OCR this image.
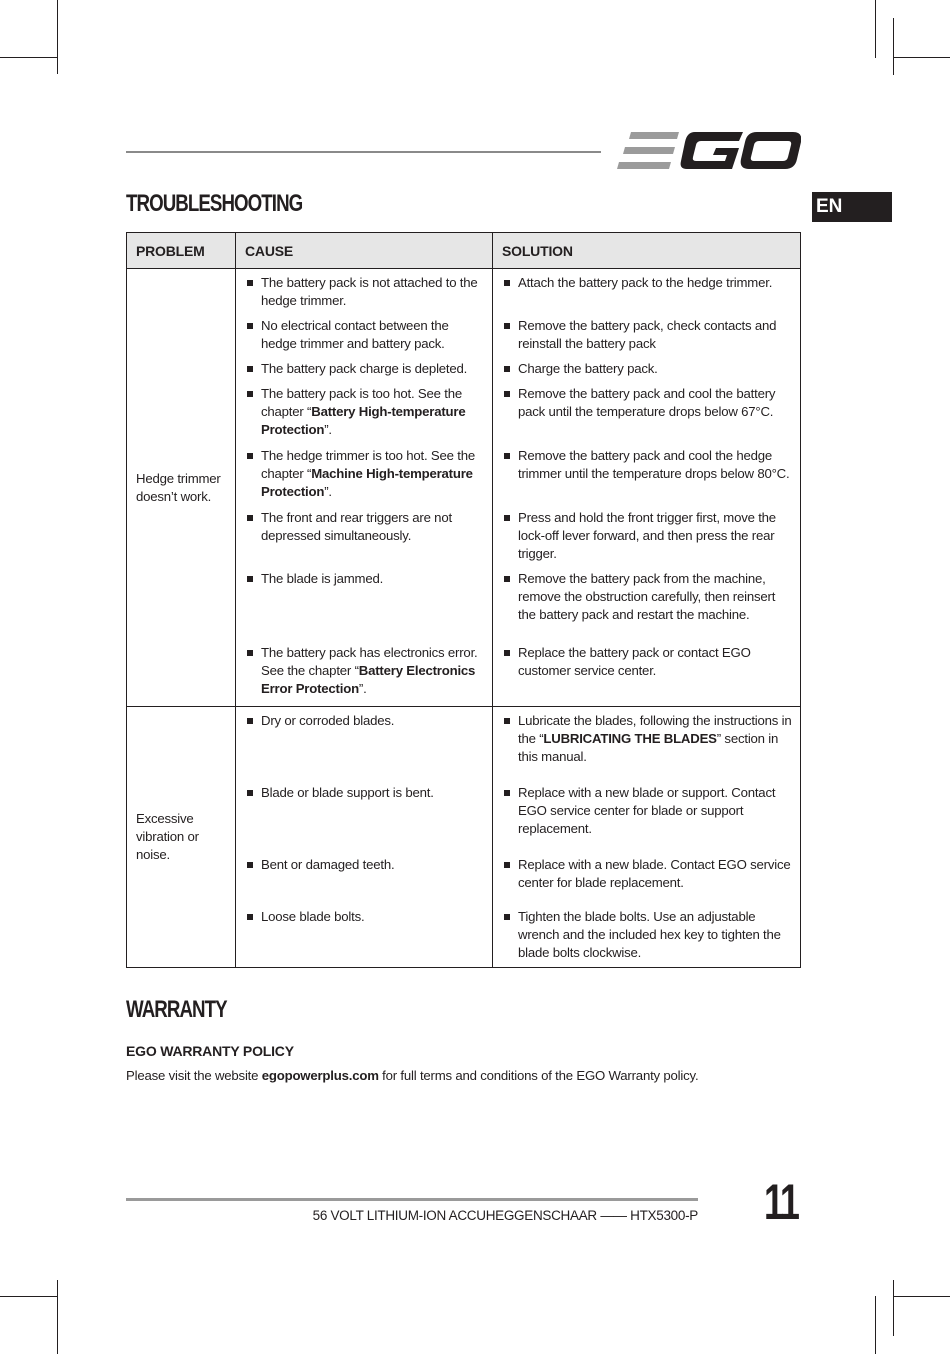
EN
TROUBLESHOOTING
PROBLEM	CAUSE	SOLUTION
Hedge trimmer doesn’t work.	The battery pack is not attached to the hedge trimmer.	Attach the battery pack to the hedge trimmer.

No electrical contact between the hedge trimmer and battery pack.	Remove the battery pack, check contacts and reinstall the battery pack

The battery pack charge is depleted.	Charge the battery pack.

The battery pack is too hot. See the chapter “Battery High-temperature Protection”.	Remove the battery pack and cool the battery pack until the temperature drops below 67°C.

The hedge trimmer is too hot. See the chapter “Machine High-temperature Protection”.	Remove the battery pack and cool the hedge trimmer until the temperature drops below 80°C.

The front and rear triggers are not depressed simultaneously.	Press and hold the front trigger first, move the lock-off lever forward, and then press the rear trigger.

The blade is jammed.	Remove the battery pack from the machine, remove the obstruction carefully, then reinsert the battery pack and restart the machine.

The battery pack has electronics error. See the chapter “Battery Electronics Error Protection”.	Replace the battery pack or contact EGO customer service center.

Excessive vibration or noise.	Dry or corroded blades.	Lubricate the blades, following the instructions in the “LUBRICATING THE BLADES” section in this manual.

Blade or blade support is bent.	Replace with a new blade or support. Contact EGO service center for blade or support replacement.

Bent or damaged teeth.	Replace with a new blade. Contact EGO service center for blade replacement.

Loose blade bolts.	Tighten the blade bolts. Use an adjustable wrench and the included hex key to tighten the blade bolts clockwise.
WARRANTY
EGO WARRANTY POLICY
Please visit the website egopowerplus.com for full terms and conditions of the EGO Warranty policy.
56 VOLT LITHIUM-ION ACCUHEGGENSCHAAR —— HTX5300-P 11
